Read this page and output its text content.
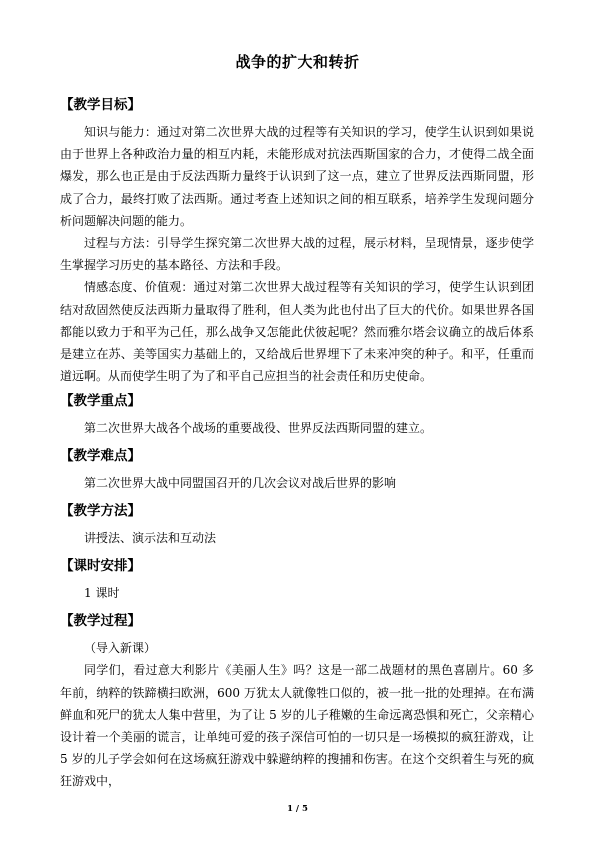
战争的扩大和转折
【教学目标】

知识与能力：通过对第二次世界大战的过程等有关知识的学习，使学生认识到如果说由于世界上各种政治力量的相互内耗，未能形成对抗法西斯国家的合力，才使得二战全面爆发，那么也正是由于反法西斯力量终于认识到了这一点，建立了世界反法西斯同盟，形成了合力，最终打败了法西斯。通过考查上述知识之间的相互联系，培养学生发现问题分析问题解决问题的能力。

过程与方法：引导学生探究第二次世界大战的过程，展示材料，呈现情景，逐步使学生掌握学习历史的基本路径、方法和手段。

情感态度、价值观：通过对第二次世界大战过程等有关知识的学习，使学生认识到团结对敌固然使反法西斯力量取得了胜利，但人类为此也付出了巨大的代价。如果世界各国都能以致力于和平为己任，那么战争又怎能此伏彼起呢？然而雅尔塔会议确立的战后体系是建立在苏、美等国实力基础上的，又给战后世界埋下了未来冲突的种子。和平，任重而道远啊。从而使学生明了为了和平自己应担当的社会责任和历史使命。

【教学重点】

第二次世界大战各个战场的重要战役、世界反法西斯同盟的建立。

【教学难点】

第二次世界大战中同盟国召开的几次会议对战后世界的影响

【教学方法】

讲授法、演示法和互动法

【课时安排】

1 课时

【教学过程】

（导入新课）

同学们，看过意大利影片《美丽人生》吗？这是一部二战题材的黑色喜剧片。60 多年前，纳粹的铁蹄横扫欧洲，600 万犹太人就像牲口似的，被一批一批的处理掉。在布满鲜血和死尸的犹太人集中营里，为了让 5 岁的儿子稚嫩的生命远离恐惧和死亡，父亲精心设计着一个美丽的谎言，让单纯可爱的孩子深信可怕的一切只是一场模拟的疯狂游戏，让 5 岁的儿子学会如何在这场疯狂游戏中躲避纳粹的搜捕和伤害。在这个交织着生与死的疯狂游戏中，

1 / 5
